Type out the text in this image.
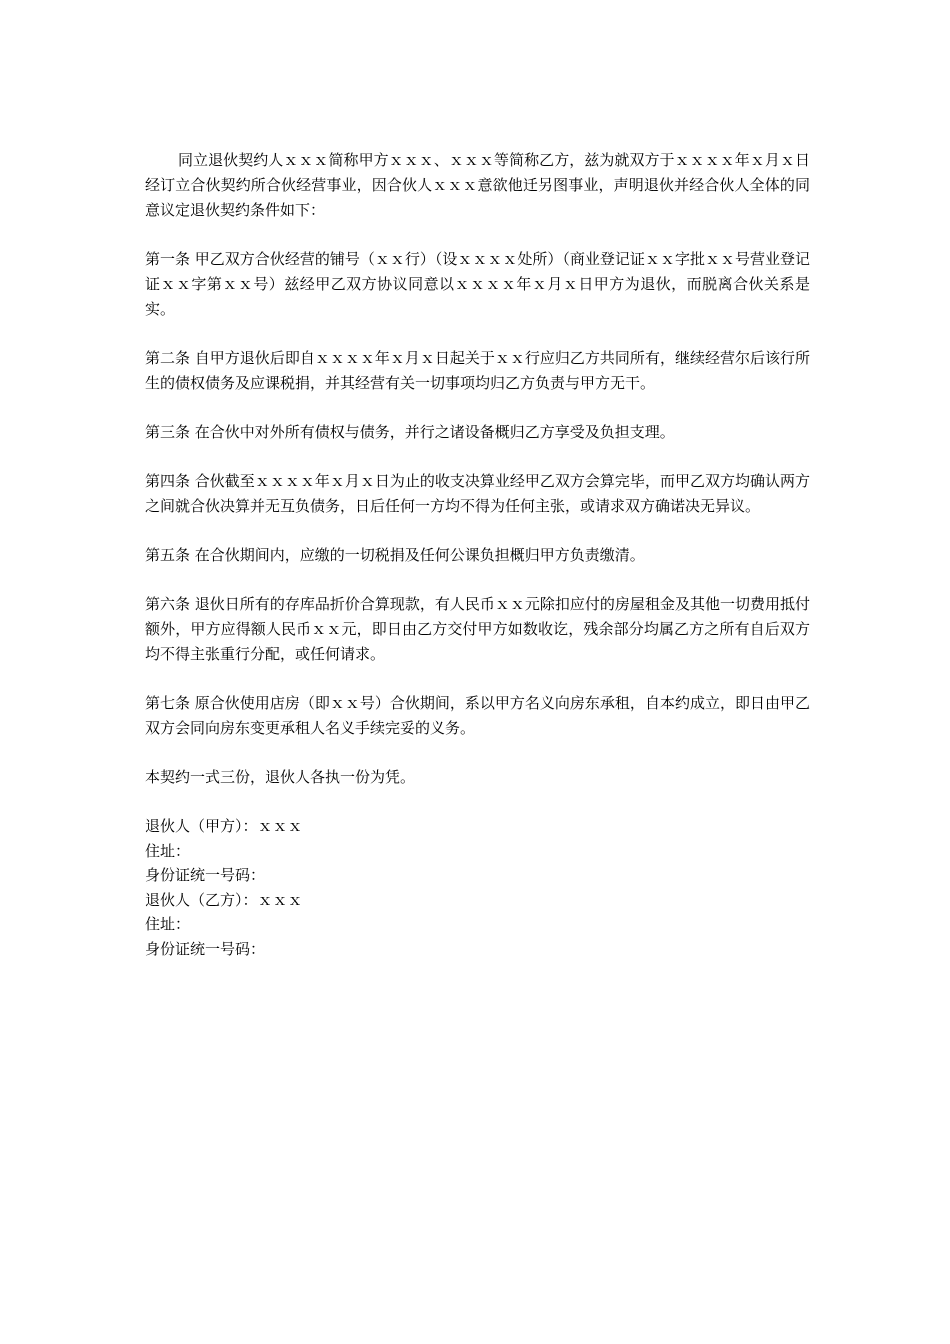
同立退伙契约人ｘｘｘ简称甲方ｘｘｘ、ｘｘｘ等简称乙方，兹为就双方于ｘｘｘｘ年ｘ月ｘ日经订立合伙契约所合伙经营事业，因合伙人ｘｘｘ意欲他迁另图事业，声明退伙并经合伙人全体的同意议定退伙契约条件如下：

第一条 甲乙双方合伙经营的铺号（ｘｘ行）（设ｘｘｘｘ处所）（商业登记证ｘｘ字批ｘｘ号营业登记证ｘｘ字第ｘｘ号）兹经甲乙双方协议同意以ｘｘｘｘ年ｘ月ｘ日甲方为退伙，而脱离合伙关系是实。

第二条 自甲方退伙后即自ｘｘｘｘ年ｘ月ｘ日起关于ｘｘ行应归乙方共同所有，继续经营尔后该行所生的债权债务及应课税捐，并其经营有关一切事项均归乙方负责与甲方无干。

第三条 在合伙中对外所有债权与债务，并行之诸设备概归乙方享受及负担支理。

第四条 合伙截至ｘｘｘｘ年ｘ月ｘ日为止的收支决算业经甲乙双方会算完毕，而甲乙双方均确认两方之间就合伙决算并无互负债务，日后任何一方均不得为任何主张，或请求双方确诺决无异议。

第五条 在合伙期间内，应缴的一切税捐及任何公课负担概归甲方负责缴清。

第六条 退伙日所有的存库品折价合算现款，有人民币ｘｘ元除扣应付的房屋租金及其他一切费用抵付额外，甲方应得额人民币ｘｘ元，即日由乙方交付甲方如数收讫，残余部分均属乙方之所有自后双方均不得主张重行分配，或任何请求。

第七条 原合伙使用店房（即ｘｘ号）合伙期间，系以甲方名义向房东承租，自本约成立，即日由甲乙双方会同向房东变更承租人名义手续完妥的义务。

本契约一式三份，退伙人各执一份为凭。

退伙人（甲方）：ｘｘｘ

住址：

身份证统一号码：

退伙人（乙方）：ｘｘｘ

住址：

身份证统一号码：
